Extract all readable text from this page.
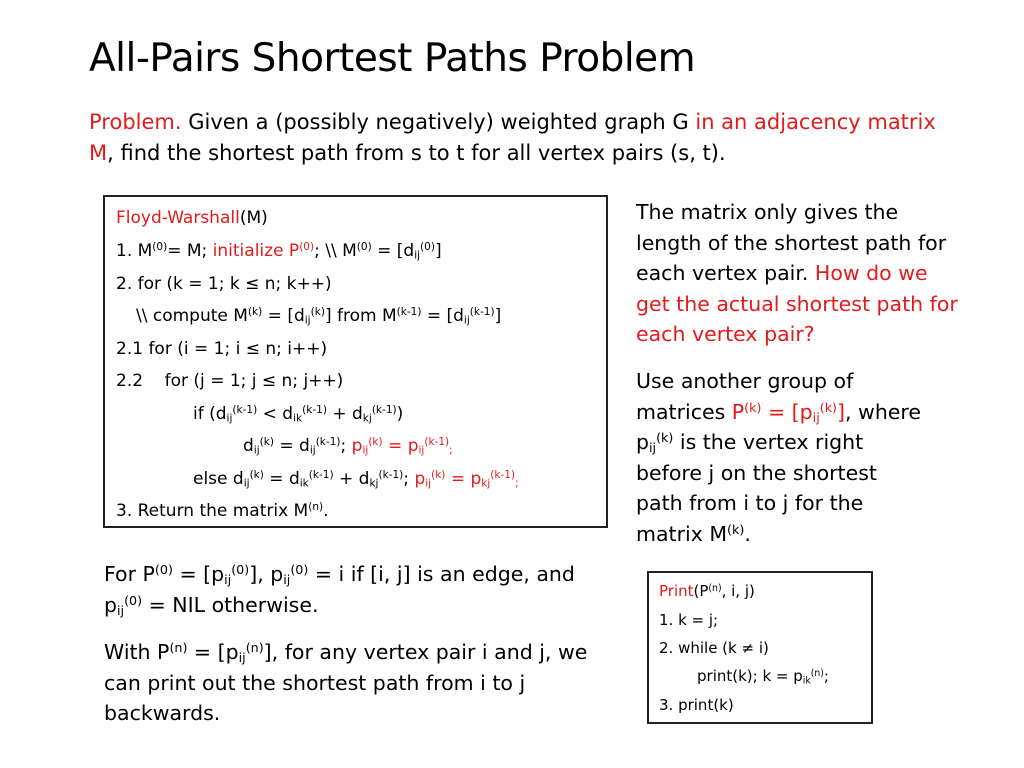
All-Pairs Shortest Paths Problem
Problem. Given a (possibly negatively) weighted graph G in an adjacency matrix M, find the shortest path from s to t for all vertex pairs (s, t).
Floyd-Warshall(M)
1. $M^{(0)}= M$; initialize $P^{(0)}$; \\ $M^{(0)} = [d_{ij}^{(0)}]$
2. for (k = 1; k ≤ n; k++)
\\ compute $M^{(k)} = [d_{ij}^{(k)}]$ from $M^{(k-1)} = [d_{ij}^{(k-1)}]$
2.1 for (i = 1; i ≤ n; i++)
2.2    for (j = 1; j ≤ n; j++)
if $(d_{ij}^{(k-1)} < d_{ik}^{(k-1)} + d_{kj}^{(k-1)})$
$d_{ij}^{(k)} = d_{ij}^{(k-1)}$; $p_{ij}^{(k)} = p_{ij}^{(k-1)}_;$
else $d_{ij}^{(k)} = d_{ik}^{(k-1)} + d_{kj}^{(k-1)}$; $p_{ij}^{(k)} = p_{kj}^{(k-1)}_;$
3. Return the matrix $M^{(n)}$.
The matrix only gives the length of the shortest path for each vertex pair. How do we get the actual shortest path for each vertex pair?
Use another group of matrices $P^{(k)} = [p_{ij}^{(k)}]$, where $p_{ij}^{(k)}$ is the vertex right before j on the shortest path from i to j for the matrix $M^{(k)}$.
For $P^{(0)} = [p_{ij}^{(0)}]$, $p_{ij}^{(0)} = i$ if [i, j] is an edge, and $p_{ij}^{(0)}$ = NIL otherwise.
With $P^{(n)} = [p_{ij}^{(n)}]$, for any vertex pair i and j, we can print out the shortest path from i to j backwards.
$Print(P^{(n)}$, i, j)
1. k = j;
2. while (k ≠ i)
print(k); $k = p_{ik}^{(n)}$;
3. print(k)
